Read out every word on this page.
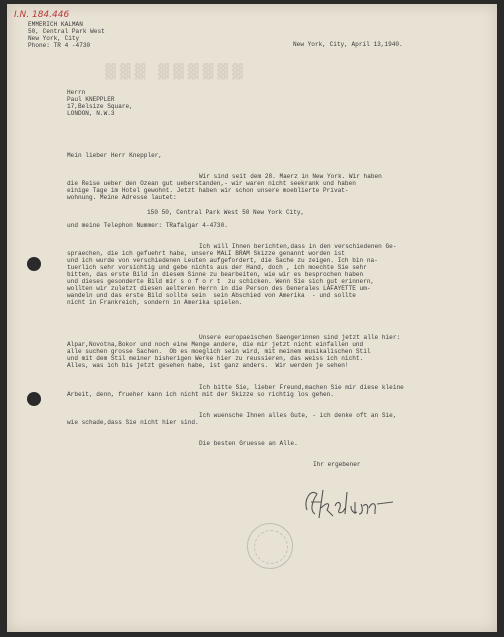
▓▓▓ ▓▓▓▓▓▓
I.N. 184.446
EMMERICH KALMAN
50, Central Park West
New York, City
Phone: TR 4 -4730	New York, City, April 13,1940.
Herrn
Paul KNEPPLER
17,Belsize Square,
LONDON, N.W.3
Mein lieber Herr Kneppler,
Wir sind seit dem 28. Maerz in New York. Wir haben
die Reise ueber den Ozean gut ueberstanden,- wir waren nicht seekrank und haben
einige Tage im Hotel gewohnt. Jetzt haben wir schon unsere moeblierte Privat-
wohnung. Meine Adresse lautet:
150 50, Central Park West 50 New York City,
und meine Telephon Nummer: TRafalgar 4-4730.
Ich will Ihnen berichten,dass in den verschiedenen Ge-
spraechen, die ich gefuehrt habe, unsere MALI BRAM Skizze genannt worden ist
und ich wurde von verschiedenen Leuten aufgefordert, die Sache zu zeigen. Ich bin na-
tuerlich sehr vorsichtig und gebe nichts aus der Hand, doch , ich moechte Sie sehr
bitten, das erste Bild in diesem Sinne zu bearbeiten, wie wir es besprochen haben
und dieses gesonderte Bild mir s o f o r t  zu schicken. Wenn Sie sich gut erinnern,
wollten wir zuletzt diesen aelteren Herrn in die Person des Generales LAFAYETTE um-
wandeln und das erste Bild sollte sein  sein Abschied von Amerika  - und sollte
nicht in Frankreich, sondern in Amerika spielen.
Unsere europaeischen Saengerinnen sind jetzt alle hier:
Alpar,Novotna,Bokor und noch eine Menge andere, die mir jetzt nicht einfallen und
alle suchen grosse Sachen.  Ob es moeglich sein wird, mit meinem musikalischen Stil
und mit dem Stil meiner bisherigen Werke hier zu reussieren, das weiss ich nicht.
Alles, was ich bis jetzt gesehen habe, ist ganz anders.  Wir werden je sehen!
Ich bitte Sie, lieber Freund,machen Sie mir diese kleine
Arbeit, denn, frueher kann ich nicht mit der Skizze so richtig los gehen.
Ich wuensche Ihnen alles Gute, - ich denke oft an Sie,
wie schade,dass Sie nicht hier sind.
Die besten Gruesse an Alle.
Ihr ergebener
